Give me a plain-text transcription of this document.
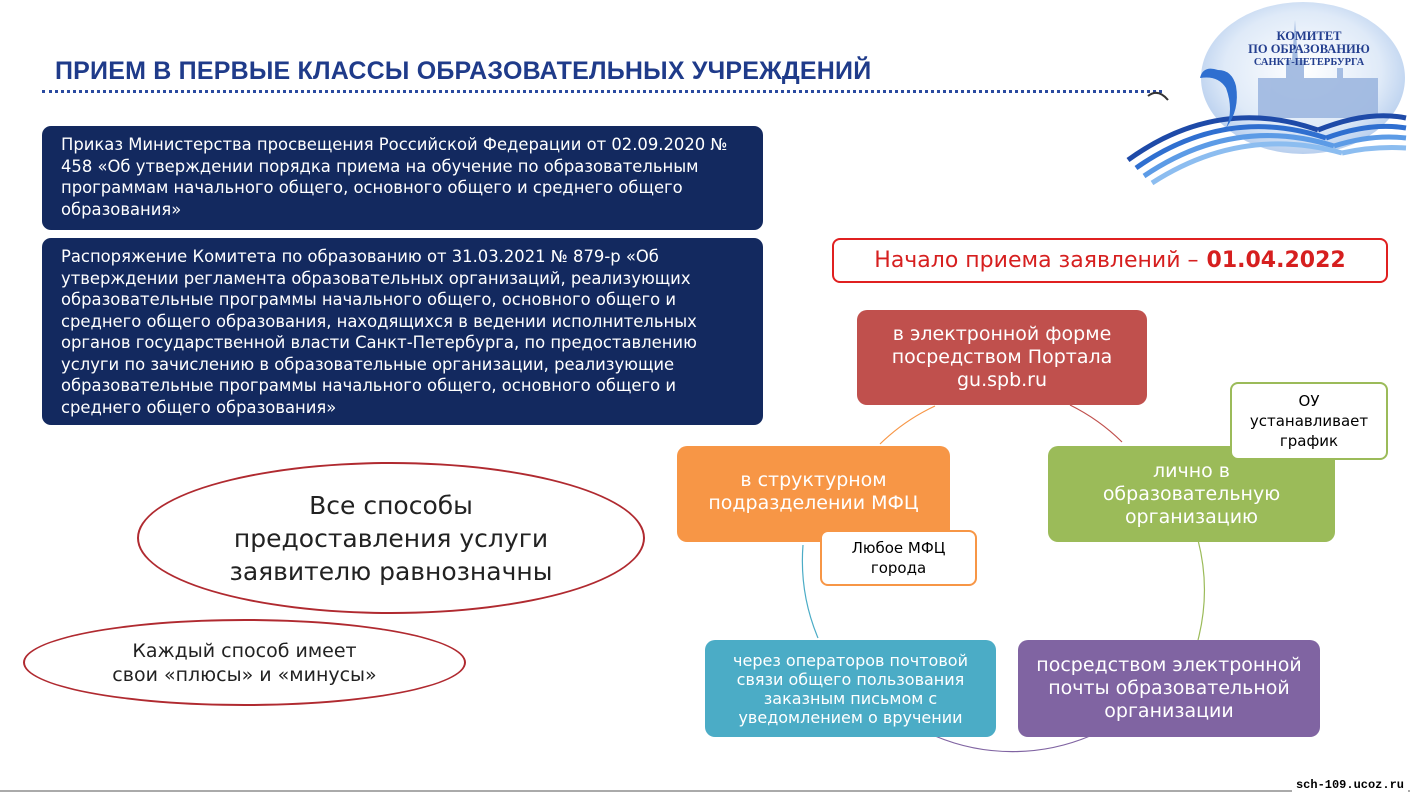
ПРИЕМ В ПЕРВЫЕ КЛАССЫ ОБРАЗОВАТЕЛЬНЫХ УЧРЕЖДЕНИЙ
КОМИТЕТ
ПО ОБРАЗОВАНИЮ
САНКТ-ПЕТЕРБУРГА
Приказ Министерства просвещения Российской Федерации от 02.09.2020 № 458 «Об утверждении порядка приема на обучение по образовательным программам начального общего, основного общего и среднего общего образования»
Распоряжение Комитета по образованию от 31.03.2021 № 879-р «Об утверждении регламента образовательных организаций, реализующих образовательные программы начального общего, основного общего и среднего общего образования, находящихся в ведении исполнительных органов государственной власти Санкт-Петербурга, по предоставлению услуги по зачислению в образовательные организации, реализующие образовательные программы начального общего, основного общего и среднего общего образования»
Начало приема заявлений – 01.04.2022
в электронной форме
посредством Портала
gu.spb.ru
лично в
образовательную
организацию
посредством электронной
почты образовательной
организации
через операторов почтовой
связи общего пользования
заказным письмом с
уведомлением о вручении
в структурном
подразделении МФЦ
ОУ
устанавливает
график
Любое МФЦ
города
Все способы
предоставления услуги
заявителю равнозначны
Каждый способ имеет
свои «плюсы» и «минусы»
sch-109.ucoz.ru
